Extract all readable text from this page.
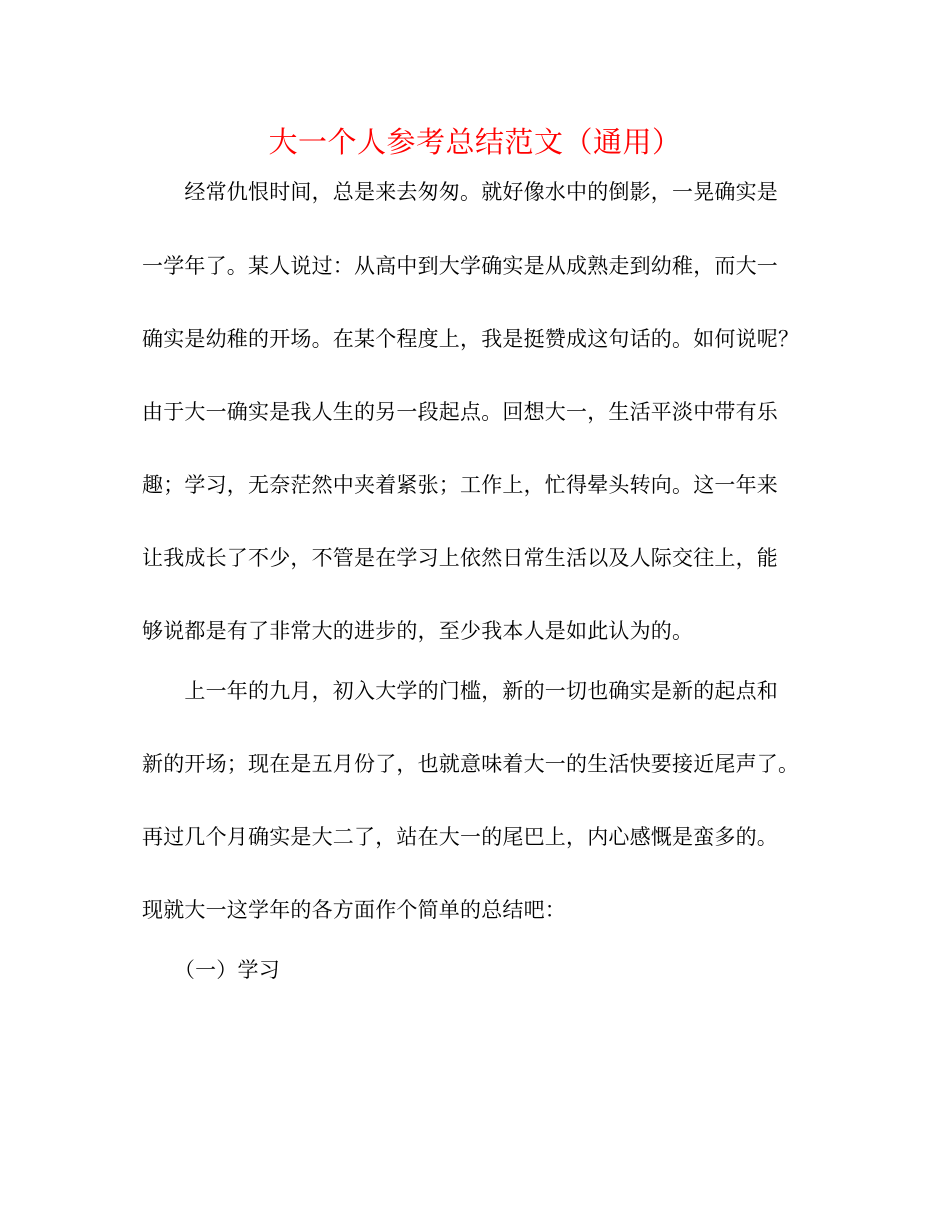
大一个人参考总结范文（通用）
　　经常仇恨时间，总是来去匆匆。就好像水中的倒影，一晃确实是
一学年了。某人说过：从高中到大学确实是从成熟走到幼稚，而大一
确实是幼稚的开场。在某个程度上，我是挺赞成这句话的。如何说呢？
由于大一确实是我人生的另一段起点。回想大一，生活平淡中带有乐
趣；学习，无奈茫然中夹着紧张；工作上，忙得晕头转向。这一年来
让我成长了不少，不管是在学习上依然日常生活以及人际交往上，能
够说都是有了非常大的进步的，至少我本人是如此认为的。
　　上一年的九月，初入大学的门槛，新的一切也确实是新的起点和
新的开场；现在是五月份了，也就意味着大一的生活快要接近尾声了。
再过几个月确实是大二了，站在大一的尾巴上，内心感慨是蛮多的。
现就大一这学年的各方面作个简单的总结吧：
　　（一）学习
